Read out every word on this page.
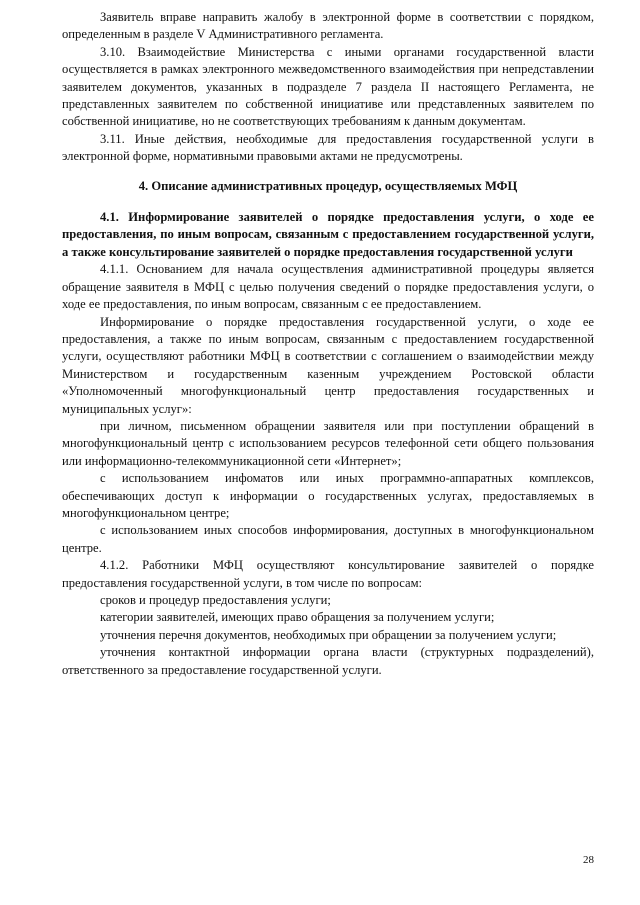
Заявитель вправе направить жалобу в электронной форме в соответствии с порядком, определенным в разделе V Административного регламента.

3.10. Взаимодействие Министерства с иными органами государственной власти осуществляется в рамках электронного межведомственного взаимодействия при непредставлении заявителем документов, указанных в подразделе 7 раздела II настоящего Регламента, не представленных заявителем по собственной инициативе или представленных заявителем по собственной инициативе, но не соответствующих требованиям к данным документам.

3.11. Иные действия, необходимые для предоставления государственной услуги в электронной форме, нормативными правовыми актами не предусмотрены.

4. Описание административных процедур, осуществляемых МФЦ

4.1. Информирование заявителей о порядке предоставления услуги, о ходе ее предоставления, по иным вопросам, связанным с предоставлением государственной услуги, а также консультирование заявителей о порядке предоставления государственной услуги

4.1.1. Основанием для начала осуществления административной процедуры является обращение заявителя в МФЦ с целью получения сведений о порядке предоставления услуги, о ходе ее предоставления, по иным вопросам, связанным с ее предоставлением.

Информирование о порядке предоставления государственной услуги, о ходе ее предоставления, а также по иным вопросам, связанным с предоставлением государственной услуги, осуществляют работники МФЦ в соответствии с соглашением о взаимодействии между Министерством и государственным казенным учреждением Ростовской области «Уполномоченный многофункциональный центр предоставления государственных и муниципальных услуг»:

при личном, письменном обращении заявителя или при поступлении обращений в многофункциональный центр с использованием ресурсов телефонной сети общего пользования или информационно-телекоммуникационной сети «Интернет»;

с использованием инфоматов или иных программно-аппаратных комплексов, обеспечивающих доступ к информации о государственных услугах, предоставляемых в многофункциональном центре;

с использованием иных способов информирования, доступных в многофункциональном центре.

4.1.2. Работники МФЦ осуществляют консультирование заявителей о порядке предоставления государственной услуги, в том числе по вопросам:

сроков и процедур предоставления услуги;

категории заявителей, имеющих право обращения за получением услуги;

уточнения перечня документов, необходимых при обращении за получением услуги;

уточнения контактной информации органа власти (структурных подразделений), ответственного за предоставление государственной услуги.

28
